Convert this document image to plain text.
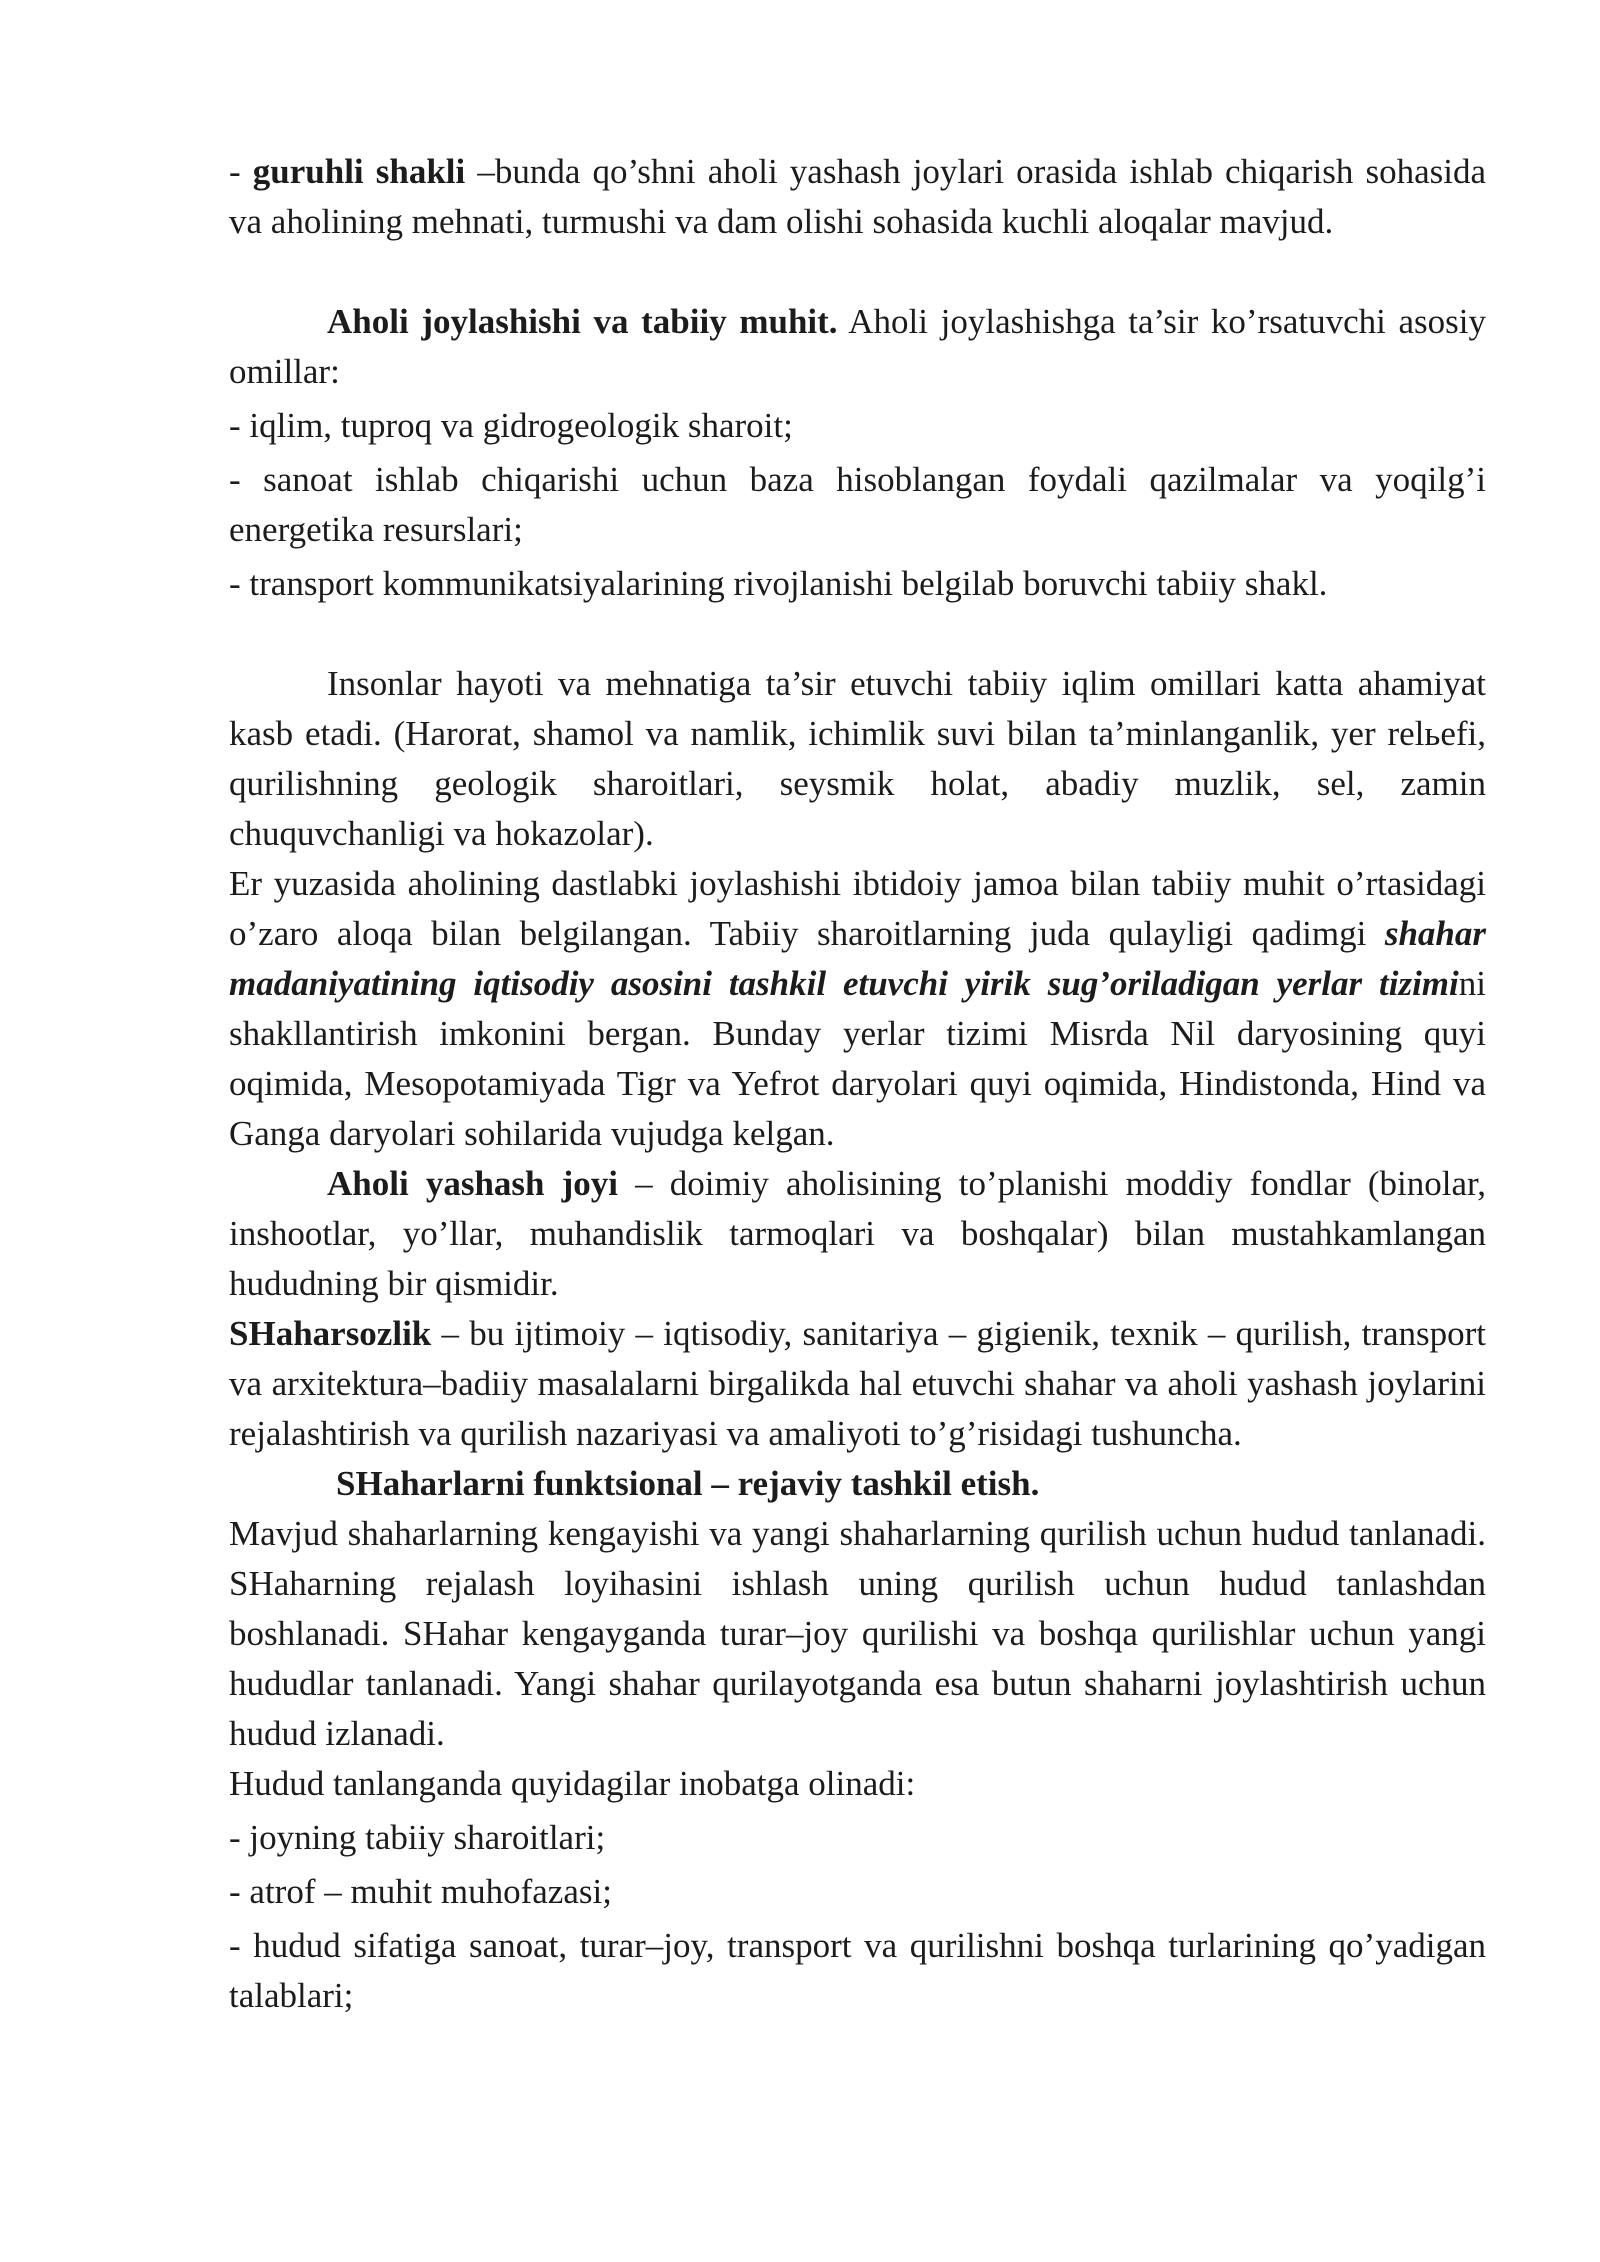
- guruhli shakli –bunda qo’shni aholi yashash joylari orasida ishlab chiqarish sohasida va aholining mehnati, turmushi va dam olishi sohasida kuchli aloqalar mavjud.

Aholi joylashishi va tabiiy muhit. Aholi joylashishga ta’sir ko’rsatuvchi asosiy omillar:

- iqlim, tuproq va gidrogeologik sharoit;

- sanoat ishlab chiqarishi uchun baza hisoblangan foydali qazilmalar va yoqilg’i energetika resurslari;

- transport kommunikatsiyalarining rivojlanishi belgilab boruvchi tabiiy shakl.

Insonlar hayoti va mehnatiga ta’sir etuvchi tabiiy iqlim omillari katta ahamiyat kasb etadi. (Harorat, shamol va namlik, ichimlik suvi bilan ta’minlanganlik, yer relьefi, qurilishning geologik sharoitlari, seysmik holat, abadiy muzlik, sel, zamin chuquvchanligi va hokazolar).

Er yuzasida aholining dastlabki joylashishi ibtidoiy jamoa bilan tabiiy muhit o’rtasidagi o’zaro aloqa bilan belgilangan. Tabiiy sharoitlarning juda qulayligi qadimgi shahar madaniyatining iqtisodiy asosini tashkil etuvchi yirik sug’oriladigan yerlar tizimini shakllantirish imkonini bergan. Bunday yerlar tizimi Misrda Nil daryosining quyi oqimida, Mesopotamiyada Tigr va Yefrot daryolari quyi oqimida, Hindistonda, Hind va Ganga daryolari sohilarida vujudga kelgan.

Aholi yashash joyi – doimiy aholisining to’planishi moddiy fondlar (binolar, inshootlar, yo’llar, muhandislik tarmoqlari va boshqalar) bilan mustahkamlangan hududning bir qismidir.

SHaharsozlik – bu ijtimoiy – iqtisodiy, sanitariya – gigienik, texnik – qurilish, transport va arxitektura–badiiy masalalarni birgalikda hal etuvchi shahar va aholi yashash joylarini rejalashtirish va qurilish nazariyasi va amaliyoti to’g’risidagi tushuncha.

SHaharlarni funktsional – rejaviy tashkil etish.

Mavjud shaharlarning kengayishi va yangi shaharlarning qurilish uchun hudud tanlanadi. SHaharning rejalash loyihasini ishlash uning qurilish uchun hudud tanlashdan boshlanadi. SHahar kengayganda turar–joy qurilishi va boshqa qurilishlar uchun yangi hududlar tanlanadi. Yangi shahar qurilayotganda esa butun shaharni joylashtirish uchun hudud izlanadi.

Hudud tanlanganda quyidagilar inobatga olinadi:

- joyning tabiiy sharoitlari;

- atrof – muhit muhofazasi;

- hudud sifatiga sanoat, turar–joy, transport va qurilishni boshqa turlarining qo’yadigan talablari;
